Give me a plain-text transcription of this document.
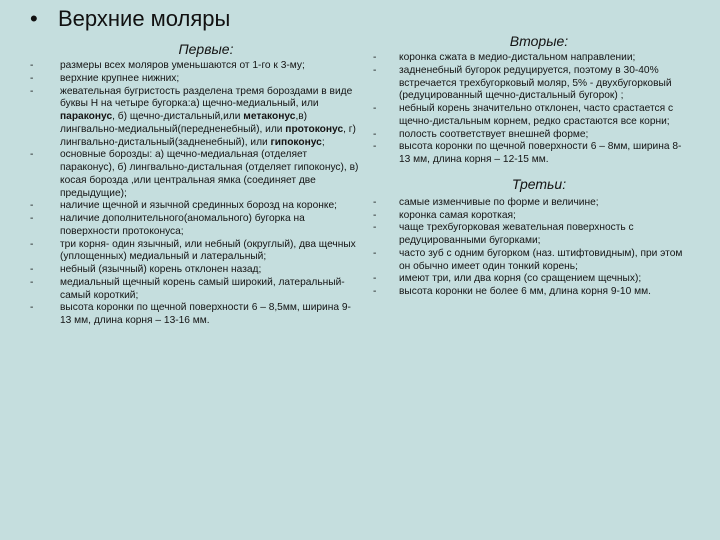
• Верхние моляры
Первые:
-	размеры всех моляров уменьшаются от 1-го к 3-му;
-	верхние крупнее нижних;
-	жевательная бугристость разделена тремя бороздами в виде буквы Н на четыре бугорка:а) щечно-медиальный, или параконус, б) щечно-дистальный,или метаконус,в) лингвально-медиальный(передненебный), или протоконус, г) лингвально-дистальный(задненебный), или гипоконус;
-	основные борозды: а) щечно-медиальная (отделяет параконус), б) лингвально-дистальная (отделяет гипоконус), в) косая борозда ,или центральная ямка (соединяет две предыдущие);
-	наличие щечной и язычной срединных борозд на коронке;
-	наличие дополнительного(аномального) бугорка на поверхности протоконуса;
-	три корня- один язычный, или небный (округлый), два щечных (уплощенных) медиальный и латеральный;
-	небный (язычный) корень отклонен назад;
-	медиальный щечный корень самый широкий, латеральный- самый короткий;
-	высота коронки по щечной поверхности 6 – 8,5мм, ширина 9- 13 мм, длина корня – 13-16 мм.
Вторые:
- коронка сжата в медио-дистальном направлении;
- задненебный бугорок редуцируется, поэтому в 30-40% встречается трехбугорковый моляр, 5% - двухбугорковый (редуцированный щечно-дистальный бугорок) ;
- небный корень значительно отклонен, часто срастается с щечно-дистальным корнем, редко срастаются все корни;
- полость соответствует внешней форме;
- высота коронки по щечной поверхности 6 – 8мм, ширина 8- 13 мм, длина корня – 12-15 мм.
Третьи:
- самые изменчивые по форме и величине;
- коронка самая короткая;
- чаще трехбугорковая жевательная поверхность с редуцированными бугорками;
- часто зуб с одним бугорком (наз. штифтовидным), при этом он обычно имеет один тонкий корень;
- имеют три, или два корня (со сращением щечных);
- высота коронки не более 6 мм, длина корня 9-10 мм.
